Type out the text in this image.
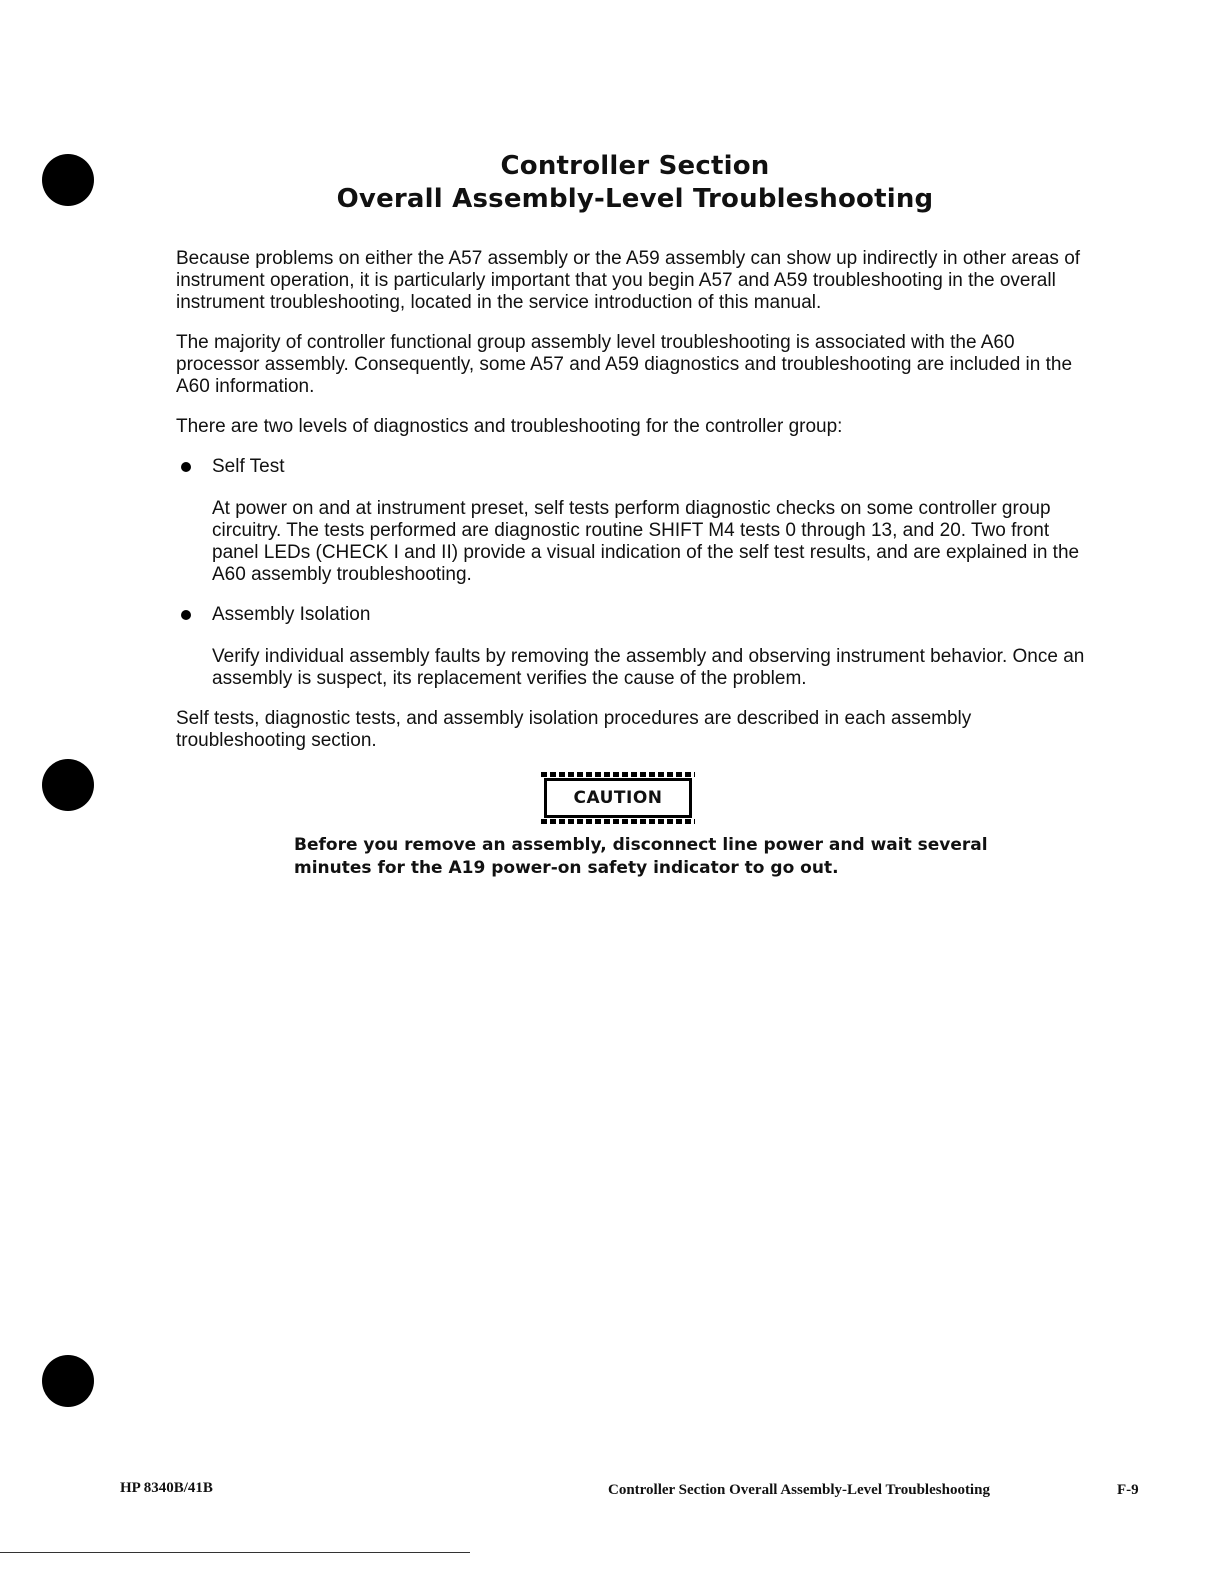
Controller Section
Overall Assembly-Level Troubleshooting

Because problems on either the A57 assembly or the A59 assembly can show up indirectly in other areas of instrument operation, it is particularly important that you begin A57 and A59 troubleshooting in the overall instrument troubleshooting, located in the service introduction of this manual.

The majority of controller functional group assembly level troubleshooting is associated with the A60 processor assembly. Consequently, some A57 and A59 diagnostics and troubleshooting are included in the A60 information.

There are two levels of diagnostics and troubleshooting for the controller group:

Self Test
At power on and at instrument preset, self tests perform diagnostic checks on some controller group circuitry. The tests performed are diagnostic routine SHIFT M4 tests 0 through 13, and 20. Two front panel LEDs (CHECK I and II) provide a visual indication of the self test results, and are explained in the A60 assembly troubleshooting.
Assembly Isolation
Verify individual assembly faults by removing the assembly and observing instrument behavior. Once an assembly is suspect, its replacement verifies the cause of the problem.

Self tests, diagnostic tests, and assembly isolation procedures are described in each assembly troubleshooting section.

CAUTION
Before you remove an assembly, disconnect line power and wait several minutes for the A19 power-on safety indicator to go out.
HP 8340B/41B	Controller Section Overall Assembly-Level Troubleshooting	F-9
